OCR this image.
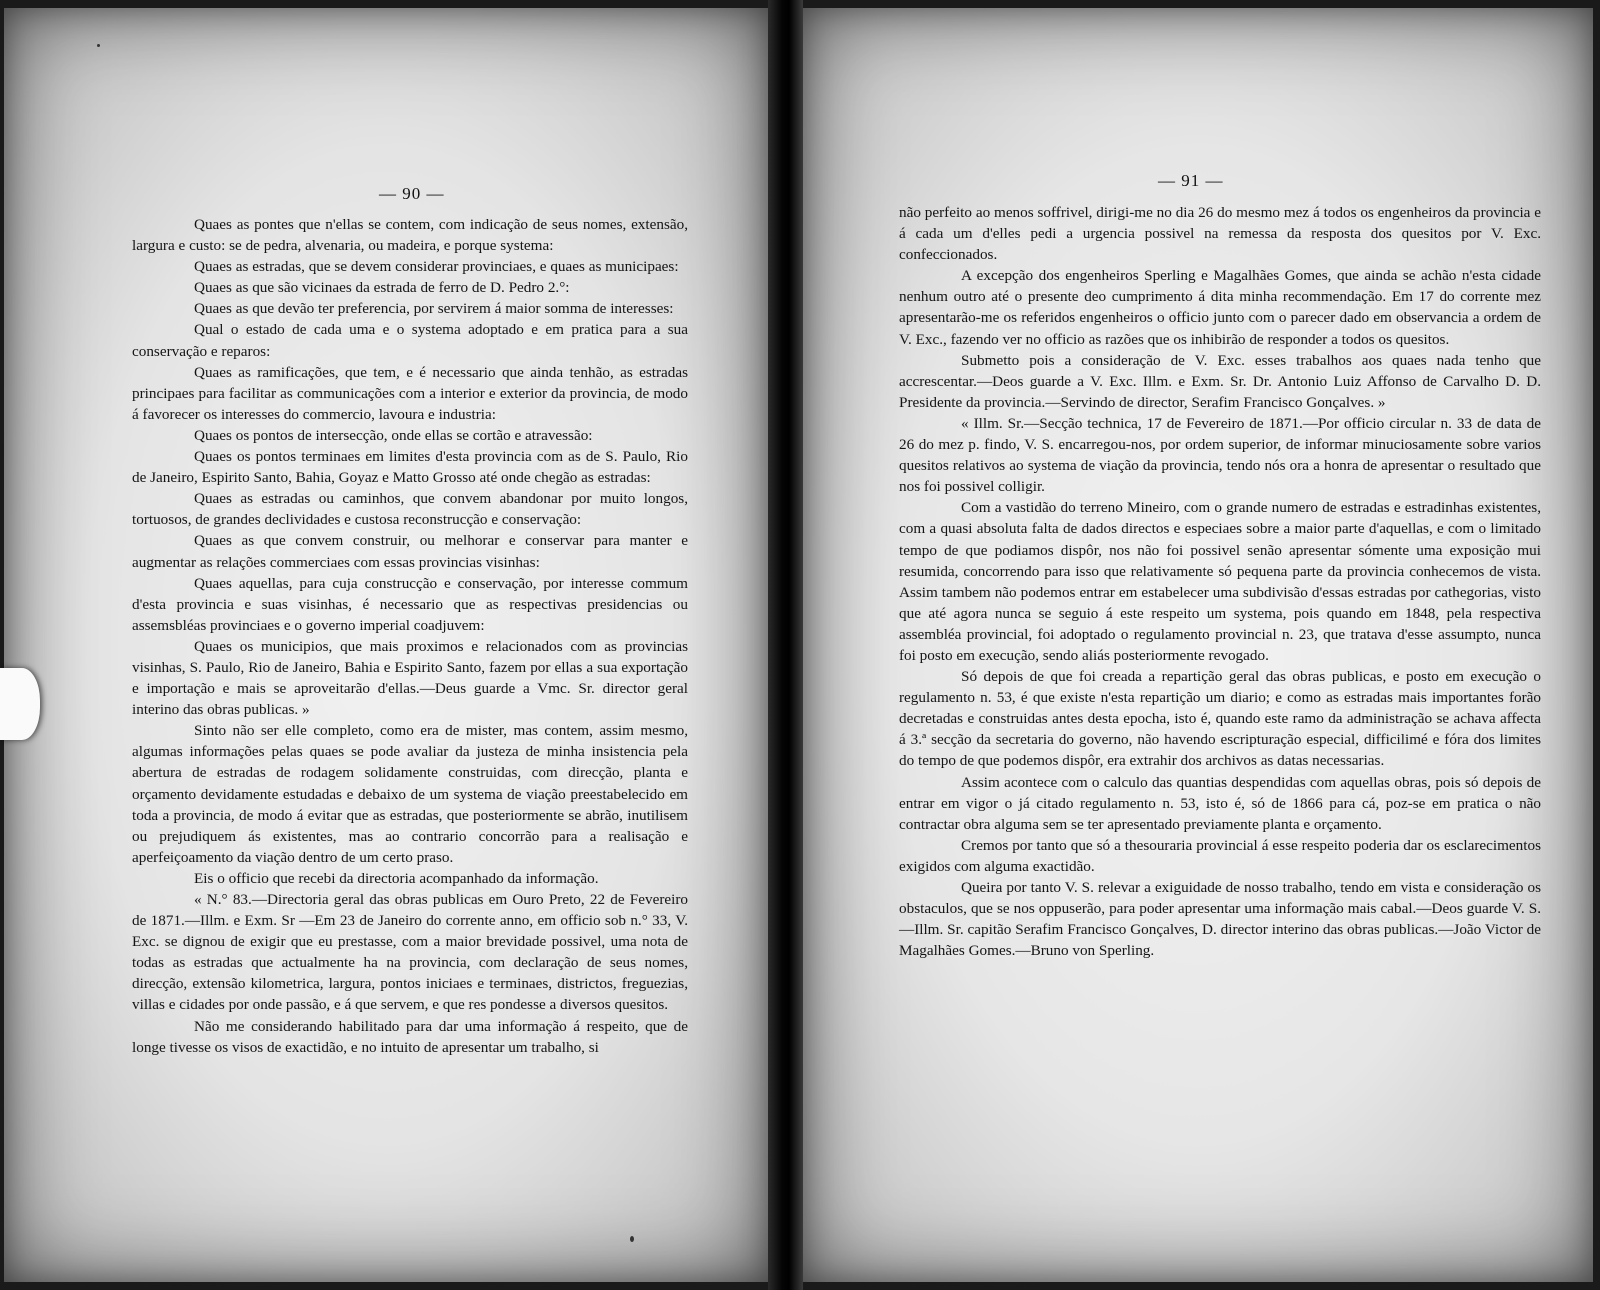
— 90 —

Quaes as pontes que n'ellas se contem, com indicação de seus nomes, extensão, largura e custo: se de pedra, alvenaria, ou madeira, e porque systema:

Quaes as estradas, que se devem considerar provinciaes, e quaes as municipaes:

Quaes as que são vicinaes da estrada de ferro de D. Pedro 2.°:

Quaes as que devão ter preferencia, por servirem á maior somma de interesses:

Qual o estado de cada uma e o systema adoptado e em pratica para a sua conservação e reparos:

Quaes as ramificações, que tem, e é necessario que ainda tenhão, as estradas principaes para facilitar as communicações com a interior e exterior da provincia, de modo á favorecer os interesses do commercio, lavoura e industria:

Quaes os pontos de intersecção, onde ellas se cortão e atravessão:

Quaes os pontos terminaes em limites d'esta provincia com as de S. Paulo, Rio de Janeiro, Espirito Santo, Bahia, Goyaz e Matto Grosso até onde chegão as estradas:

Quaes as estradas ou caminhos, que convem abandonar por muito longos, tortuosos, de grandes declividades e custosa reconstrucção e conservação:

Quaes as que convem construir, ou melhorar e conservar para manter e augmentar as relações commerciaes com essas provincias visinhas:

Quaes aquellas, para cuja construcção e conservação, por interesse commum d'esta provincia e suas visinhas, é necessario que as respectivas presidencias ou assemsbléas provinciaes e o governo imperial coadjuvem:

Quaes os municipios, que mais proximos e relacionados com as provincias visinhas, S. Paulo, Rio de Janeiro, Bahia e Espirito Santo, fazem por ellas a sua exportação e importação e mais se aproveitarão d'ellas.—Deus guarde a Vmc. Sr. director geral interino das obras publicas. »

Sinto não ser elle completo, como era de mister, mas contem, assim mesmo, algumas informações pelas quaes se pode avaliar da justeza de minha insistencia pela abertura de estradas de rodagem solidamente construidas, com direcção, planta e orçamento devidamente estudadas e debaixo de um systema de viação preestabelecido em toda a provincia, de modo á evitar que as estradas, que posteriormente se abrão, inutilisem ou prejudiquem ás existentes, mas ao contrario concorrão para a realisação e aperfeiçoamento da viação dentro de um certo praso.

Eis o officio que recebi da directoria acompanhado da informação.

« N.° 83.—Directoria geral das obras publicas em Ouro Preto, 22 de Fevereiro de 1871.—Illm. e Exm. Sr —Em 23 de Janeiro do corrente anno, em officio sob n.° 33, V. Exc. se dignou de exigir que eu prestasse, com a maior brevidade possivel, uma nota de todas as estradas que actualmente ha na provincia, com declaração de seus nomes, direcção, extensão kilometrica, largura, pontos iniciaes e terminaes, districtos, freguezias, villas e cidades por onde passão, e á que servem, e que res pondesse a diversos quesitos.

Não me considerando habilitado para dar uma informação á respeito, que de longe tivesse os visos de exactidão, e no intuito de apresentar um trabalho, si

— 91 —

não perfeito ao menos soffrivel, dirigi-me no dia 26 do mesmo mez á todos os engenheiros da provincia e á cada um d'elles pedi a urgencia possivel na remessa da resposta dos quesitos por V. Exc. confeccionados.

A excepção dos engenheiros Sperling e Magalhães Gomes, que ainda se achão n'esta cidade nenhum outro até o presente deo cumprimento á dita minha recommendação. Em 17 do corrente mez apresentarão-me os referidos engenheiros o officio junto com o parecer dado em observancia a ordem de V. Exc., fazendo ver no officio as razões que os inhibirão de responder a todos os quesitos.

Submetto pois a consideração de V. Exc. esses trabalhos aos quaes nada tenho que accrescentar.—Deos guarde a V. Exc. Illm. e Exm. Sr. Dr. Antonio Luiz Affonso de Carvalho D. D. Presidente da provincia.—Servindo de director, Serafim Francisco Gonçalves. »

« Illm. Sr.—Secção technica, 17 de Fevereiro de 1871.—Por officio circular n. 33 de data de 26 do mez p. findo, V. S. encarregou-nos, por ordem superior, de informar minuciosamente sobre varios quesitos relativos ao systema de viação da provincia, tendo nós ora a honra de apresentar o resultado que nos foi possivel colligir.

Com a vastidão do terreno Mineiro, com o grande numero de estradas e estradinhas existentes, com a quasi absoluta falta de dados directos e especiaes sobre a maior parte d'aquellas, e com o limitado tempo de que podiamos dispôr, nos não foi possivel senão apresentar sómente uma exposição mui resumida, concorrendo para isso que relativamente só pequena parte da provincia conhecemos de vista. Assim tambem não podemos entrar em estabelecer uma subdivisão d'essas estradas por cathegorias, visto que até agora nunca se seguio á este respeito um systema, pois quando em 1848, pela respectiva assembléa provincial, foi adoptado o regulamento provincial n. 23, que tratava d'esse assumpto, nunca foi posto em execução, sendo aliás posteriormente revogado.

Só depois de que foi creada a repartição geral das obras publicas, e posto em execução o regulamento n. 53, é que existe n'esta repartição um diario; e como as estradas mais importantes forão decretadas e construidas antes desta epocha, isto é, quando este ramo da administração se achava affecta á 3.ª secção da secretaria do governo, não havendo escripturação especial, difficilimé e fóra dos limites do tempo de que podemos dispôr, era extrahir dos archivos as datas necessarias.

Assim acontece com o calculo das quantias despendidas com aquellas obras, pois só depois de entrar em vigor o já citado regulamento n. 53, isto é, só de 1866 para cá, poz-se em pratica o não contractar obra alguma sem se ter apresentado previamente planta e orçamento.

Cremos por tanto que só a thesouraria provincial á esse respeito poderia dar os esclarecimentos exigidos com alguma exactidão.

Queira por tanto V. S. relevar a exiguidade de nosso trabalho, tendo em vista e consideração os obstaculos, que se nos oppuserão, para poder apresentar uma informação mais cabal.—Deos guarde V. S.—Illm. Sr. capitão Serafim Francisco Gonçalves, D. director interino das obras publicas.—João Victor de Magalhães Gomes.—Bruno von Sperling.
